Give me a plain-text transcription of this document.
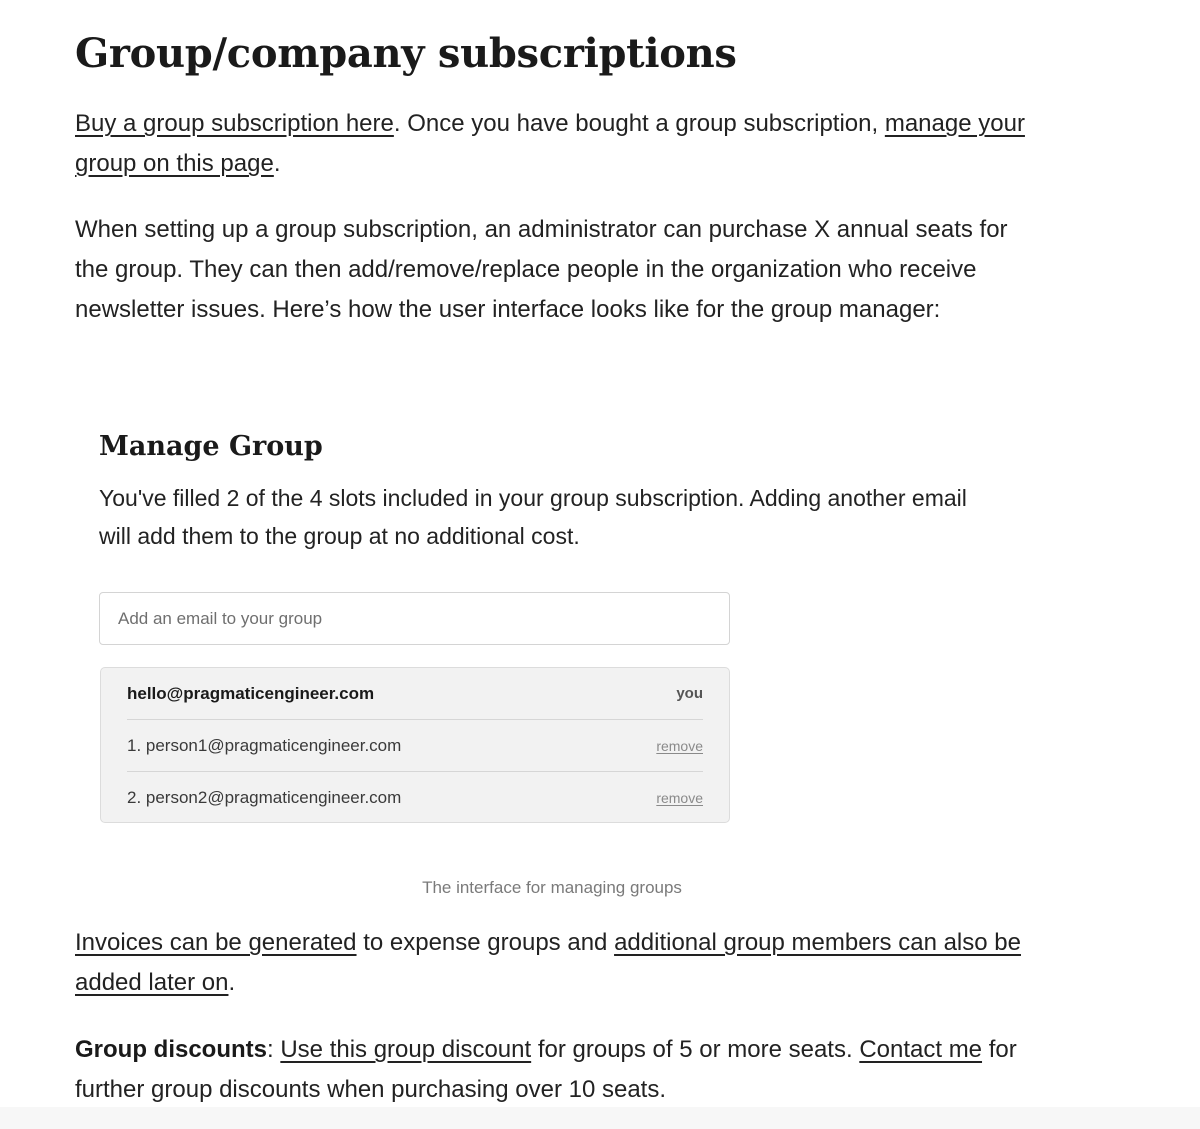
Group/company subscriptions

Buy a group subscription here. Once you have bought a group subscription, manage your group on this page.

When setting up a group subscription, an administrator can purchase X annual seats for the group. They can then add/remove/replace people in the organization who receive newsletter issues. Here’s how the user interface looks like for the group manager:

Manage Group

You've filled 2 of the 4 slots included in your group subscription. Adding another email will add them to the group at no additional cost.

Add an email to your group
hello@pragmaticengineer.com	you
1. person1@pragmaticengineer.com	remove
2. person2@pragmaticengineer.com	remove
The interface for managing groups

Invoices can be generated to expense groups and additional group members can also be added later on.

Group discounts: Use this group discount for groups of 5 or more seats. Contact me for further group discounts when purchasing over 10 seats.
